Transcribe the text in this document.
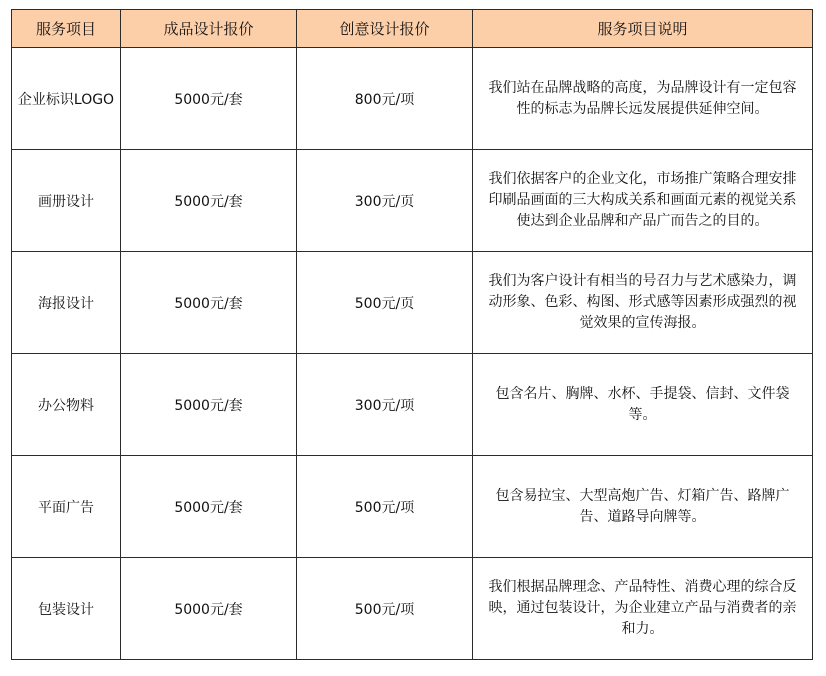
服务项目	成品设计报价	创意设计报价	服务项目说明
企业标识LOGO	5000元/套	800元/项	我们站在品牌战略的高度，为品牌设计有一定包容性的标志为品牌长远发展提供延伸空间。
画册设计	5000元/套	300元/页	我们依据客户的企业文化，市场推广策略合理安排印刷品画面的三大构成关系和画面元素的视觉关系使达到企业品牌和产品广而告之的目的。
海报设计	5000元/套	500元/页	我们为客户设计有相当的号召力与艺术感染力，调动形象、色彩、构图、形式感等因素形成强烈的视觉效果的宣传海报。
办公物料	5000元/套	300元/项	包含名片、胸牌、水杯、手提袋、信封、文件袋等。
平面广告	5000元/套	500元/项	包含易拉宝、大型高炮广告、灯箱广告、路牌广告、道路导向牌等。
包装设计	5000元/套	500元/项	我们根据品牌理念、产品特性、消费心理的综合反映，通过包装设计，为企业建立产品与消费者的亲和力。
